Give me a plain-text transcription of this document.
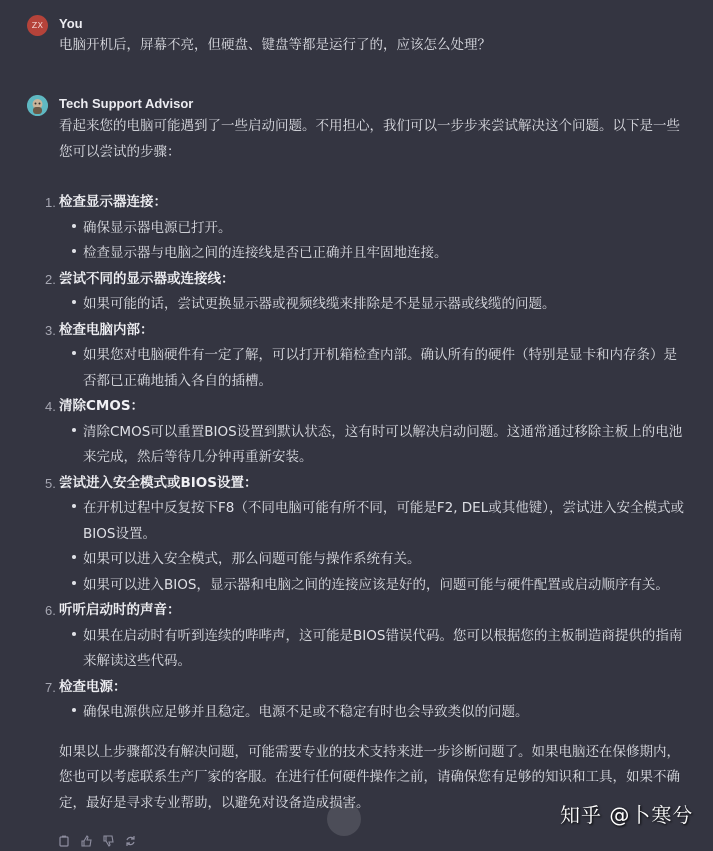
ZX You
电脑开机后，屏幕不亮，但硬盘、键盘等都是运行了的，应该怎么处理？
Tech Support Advisor
看起来您的电脑可能遇到了一些启动问题。不用担心，我们可以一步步来尝试解决这个问题。以下是一些您可以尝试的步骤：
1. 检查显示器连接：
确保显示器电源已打开。
检查显示器与电脑之间的连接线是否已正确并且牢固地连接。
2. 尝试不同的显示器或连接线：
如果可能的话，尝试更换显示器或视频线缆来排除是不是显示器或线缆的问题。
3. 检查电脑内部：
如果您对电脑硬件有一定了解，可以打开机箱检查内部。确认所有的硬件（特别是显卡和内存条）是否都已正确地插入各自的插槽。
4. 清除CMOS：
清除CMOS可以重置BIOS设置到默认状态，这有时可以解决启动问题。这通常通过移除主板上的电池来完成，然后等待几分钟再重新安装。
5. 尝试进入安全模式或BIOS设置：
在开机过程中反复按下F8（不同电脑可能有所不同，可能是F2, DEL或其他键），尝试进入安全模式或BIOS设置。
如果可以进入安全模式，那么问题可能与操作系统有关。
如果可以进入BIOS，显示器和电脑之间的连接应该是好的，问题可能与硬件配置或启动顺序有关。
6. 听听启动时的声音：
如果在启动时有听到连续的哔哔声，这可能是BIOS错误代码。您可以根据您的主板制造商提供的指南来解读这些代码。
7. 检查电源：
确保电源供应足够并且稳定。电源不足或不稳定有时也会导致类似的问题。
如果以上步骤都没有解决问题，可能需要专业的技术支持来进一步诊断问题了。如果电脑还在保修期内，您也可以考虑联系生产厂家的客服。在进行任何硬件操作之前，请确保您有足够的知识和工具，如果不确定，最好是寻求专业帮助，以避免对设备造成损害。
知乎 @卜寒兮
